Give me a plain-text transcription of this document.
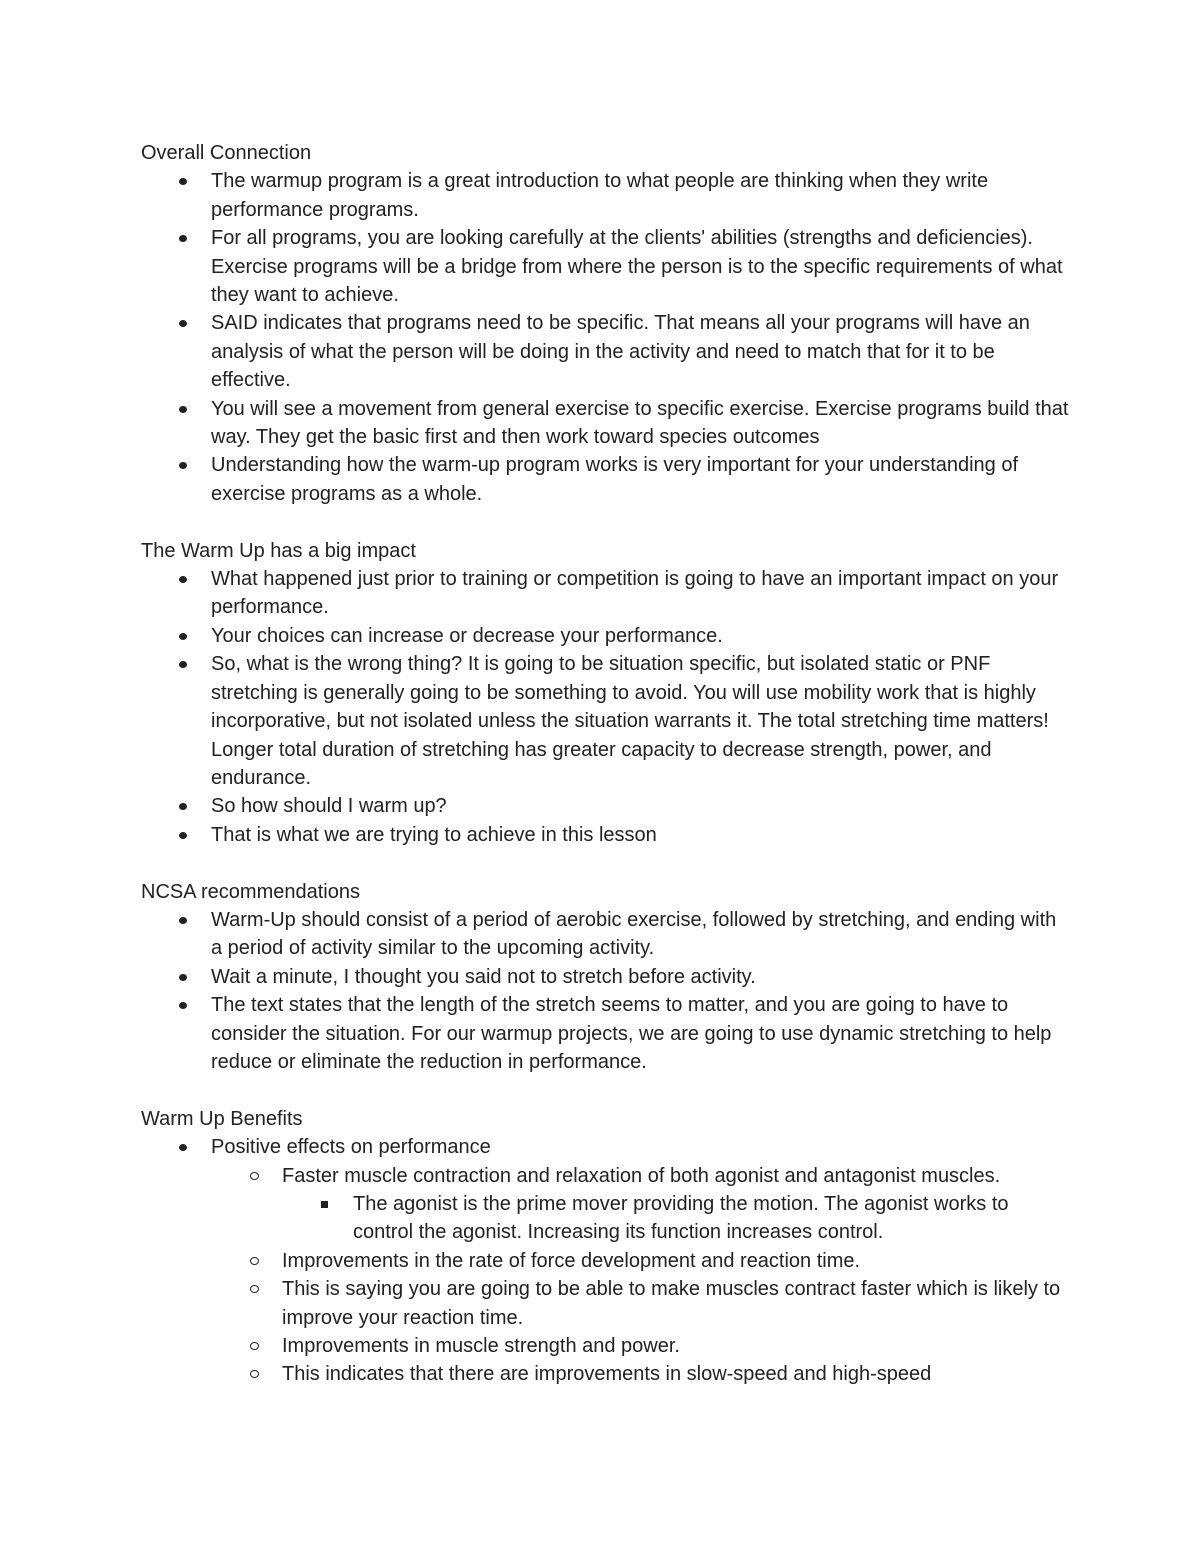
Overall Connection

The warmup program is a great introduction to what people are thinking when they write performance programs.
For all programs, you are looking carefully at the clients' abilities (strengths and deficiencies). Exercise programs will be a bridge from where the person is to the specific requirements of what they want to achieve.
SAID indicates that programs need to be specific. That means all your programs will have an analysis of what the person will be doing in the activity and need to match that for it to be effective.
You will see a movement from general exercise to specific exercise. Exercise programs build that way. They get the basic first and then work toward species outcomes
Understanding how the warm-up program works is very important for your understanding of exercise programs as a whole.

The Warm Up has a big impact

What happened just prior to training or competition is going to have an important impact on your performance.
Your choices can increase or decrease your performance.
So, what is the wrong thing? It is going to be situation specific, but isolated static or PNF stretching is generally going to be something to avoid. You will use mobility work that is highly incorporative, but not isolated unless the situation warrants it. The total stretching time matters! Longer total duration of stretching has greater capacity to decrease strength, power, and endurance.
So how should I warm up?
That is what we are trying to achieve in this lesson

NCSA recommendations

Warm-Up should consist of a period of aerobic exercise, followed by stretching, and ending with a period of activity similar to the upcoming activity.
Wait a minute, I thought you said not to stretch before activity.
The text states that the length of the stretch seems to matter, and you are going to have to consider the situation. For our warmup projects, we are going to use dynamic stretching to help reduce or eliminate the reduction in performance.

Warm Up Benefits

Positive effects on performance
Faster muscle contraction and relaxation of both agonist and antagonist muscles.
The agonist is the prime mover providing the motion. The agonist works to control the agonist. Increasing its function increases control.
Improvements in the rate of force development and reaction time.
This is saying you are going to be able to make muscles contract faster which is likely to improve your reaction time.
Improvements in muscle strength and power.
This indicates that there are improvements in slow-speed and high-speed
